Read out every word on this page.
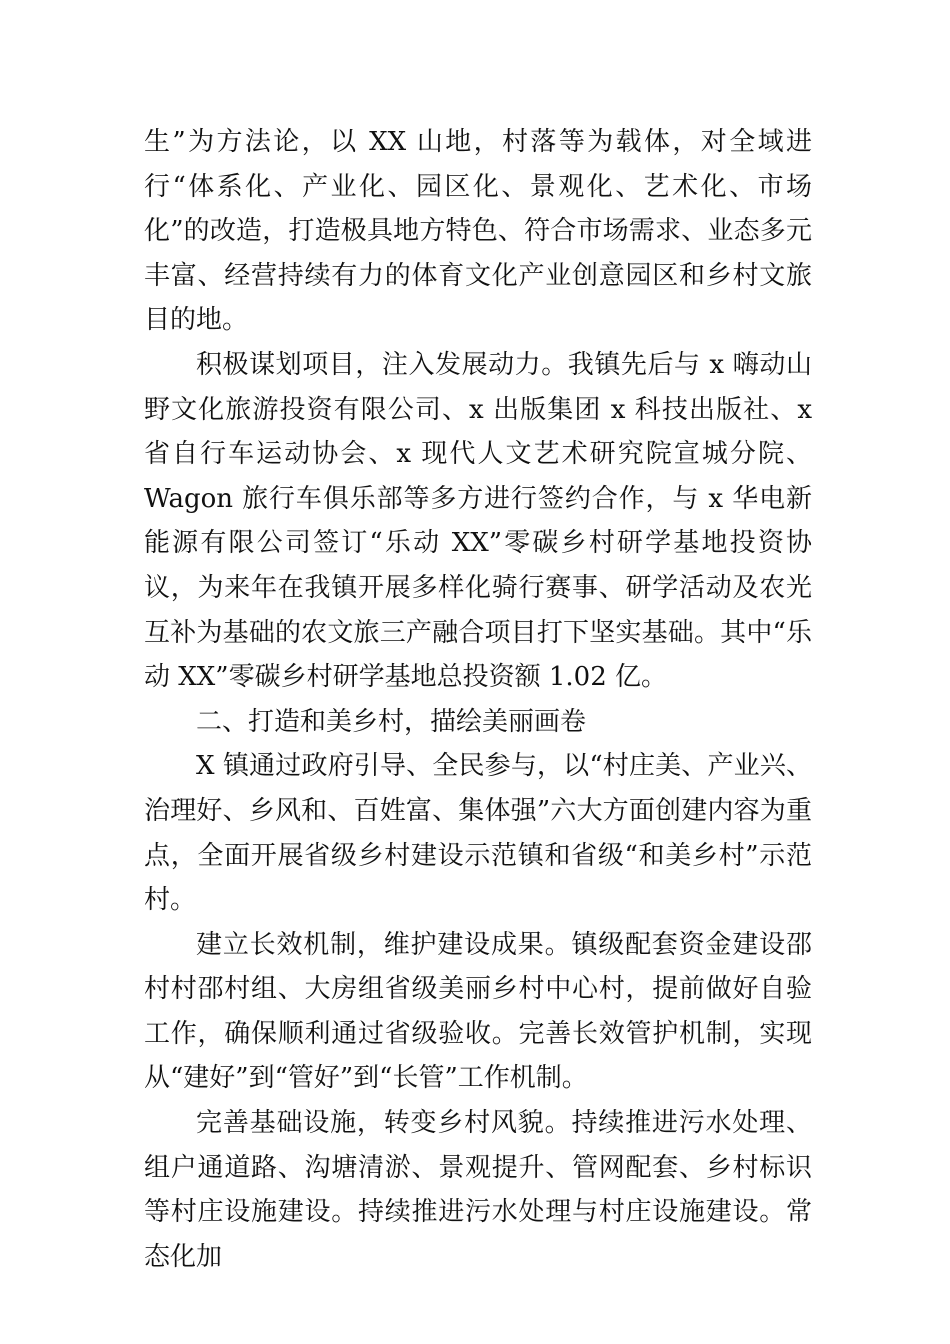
生”为方法论，以 XX 山地，村落等为载体，对全域进行“体系化、产业化、园区化、景观化、艺术化、市场化”的改造，打造极具地方特色、符合市场需求、业态多元丰富、经营持续有力的体育文化产业创意园区和乡村文旅目的地。

积极谋划项目，注入发展动力。我镇先后与 x 嗨动山野文化旅游投资有限公司、x 出版集团 x 科技出版社、x 省自行车运动协会、x 现代人文艺术研究院宣城分院、Wagon 旅行车俱乐部等多方进行签约合作，与 x 华电新能源有限公司签订“乐动 XX”零碳乡村研学基地投资协议，为来年在我镇开展多样化骑行赛事、研学活动及农光互补为基础的农文旅三产融合项目打下坚实基础。其中“乐动 XX”零碳乡村研学基地总投资额 1.02 亿。

二、打造和美乡村，描绘美丽画卷

X 镇通过政府引导、全民参与，以“村庄美、产业兴、治理好、乡风和、百姓富、集体强”六大方面创建内容为重点，全面开展省级乡村建设示范镇和省级“和美乡村”示范村。

建立长效机制，维护建设成果。镇级配套资金建设邵村村邵村组、大房组省级美丽乡村中心村，提前做好自验工作，确保顺利通过省级验收。完善长效管护机制，实现从“建好”到“管好”到“长管”工作机制。

完善基础设施，转变乡村风貌。持续推进污水处理、组户通道路、沟塘清淤、景观提升、管网配套、乡村标识等村庄设施建设。持续推进污水处理与村庄设施建设。常态化加
